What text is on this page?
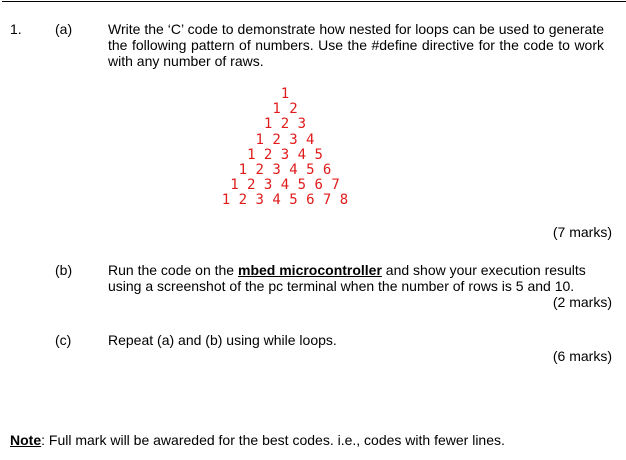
1. (a)	Write the ‘C’ code to demonstrate how nested for loops can be used to generate the following pattern of numbers. Use the #define directive for the code to work with any number of raws.
1
1 2
1 2 3
1 2 3 4
1 2 3 4 5
1 2 3 4 5 6
1 2 3 4 5 6 7
1 2 3 4 5 6 7 8
(7 marks)
(b)	Run the code on the mbed microcontroller and show your execution results using a screenshot of the pc terminal when the number of rows is 5 and 10.
(2 marks)
(c)	Repeat (a) and (b) using while loops.
(6 marks)
Note: Full mark will be awareded for the best codes. i.e., codes with fewer lines.
